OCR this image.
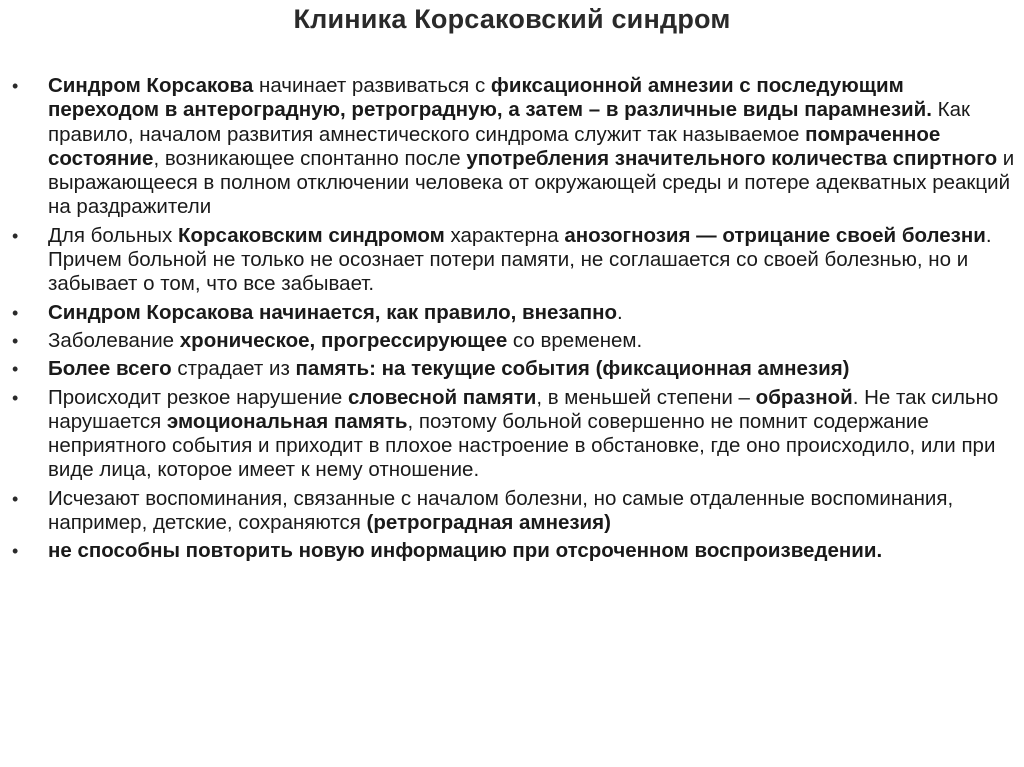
Клиника Корсаковский синдром
• Синдром Корсакова начинает развиваться с фиксационной амнезии с последующим переходом в антероградную, ретроградную, а затем – в различные виды парамнезий. Как правило, началом развития амнестического синдрома служит так называемое помраченное состояние, возникающее спонтанно после употребления значительного количества спиртного и выражающееся в полном отключении человека от окружающей среды и потере адекватных реакций на раздражители
• Для больных Корсаковским синдромом характерна анозогнозия — отрицание своей болезни. Причем больной не только не осознает потери памяти, не соглашается со своей болезнью, но и забывает о том, что все забывает.
• Синдром Корсакова начинается, как правило, внезапно.
• Заболевание хроническое, прогрессирующее со временем.
• Более всего страдает из память: на текущие события (фиксационная амнезия)
• Происходит резкое нарушение словесной памяти, в меньшей степени – образной. Не так сильно нарушается эмоциональная память, поэтому больной совершенно не помнит содержание неприятного события и приходит в плохое настроение в обстановке, где оно происходило, или при виде лица, которое имеет к нему отношение.
• Исчезают воспоминания, связанные с началом болезни, но самые отдаленные воспоминания, например, детские, сохраняются (ретроградная амнезия)
• не способны повторить новую информацию при отсроченном воспроизведении.
